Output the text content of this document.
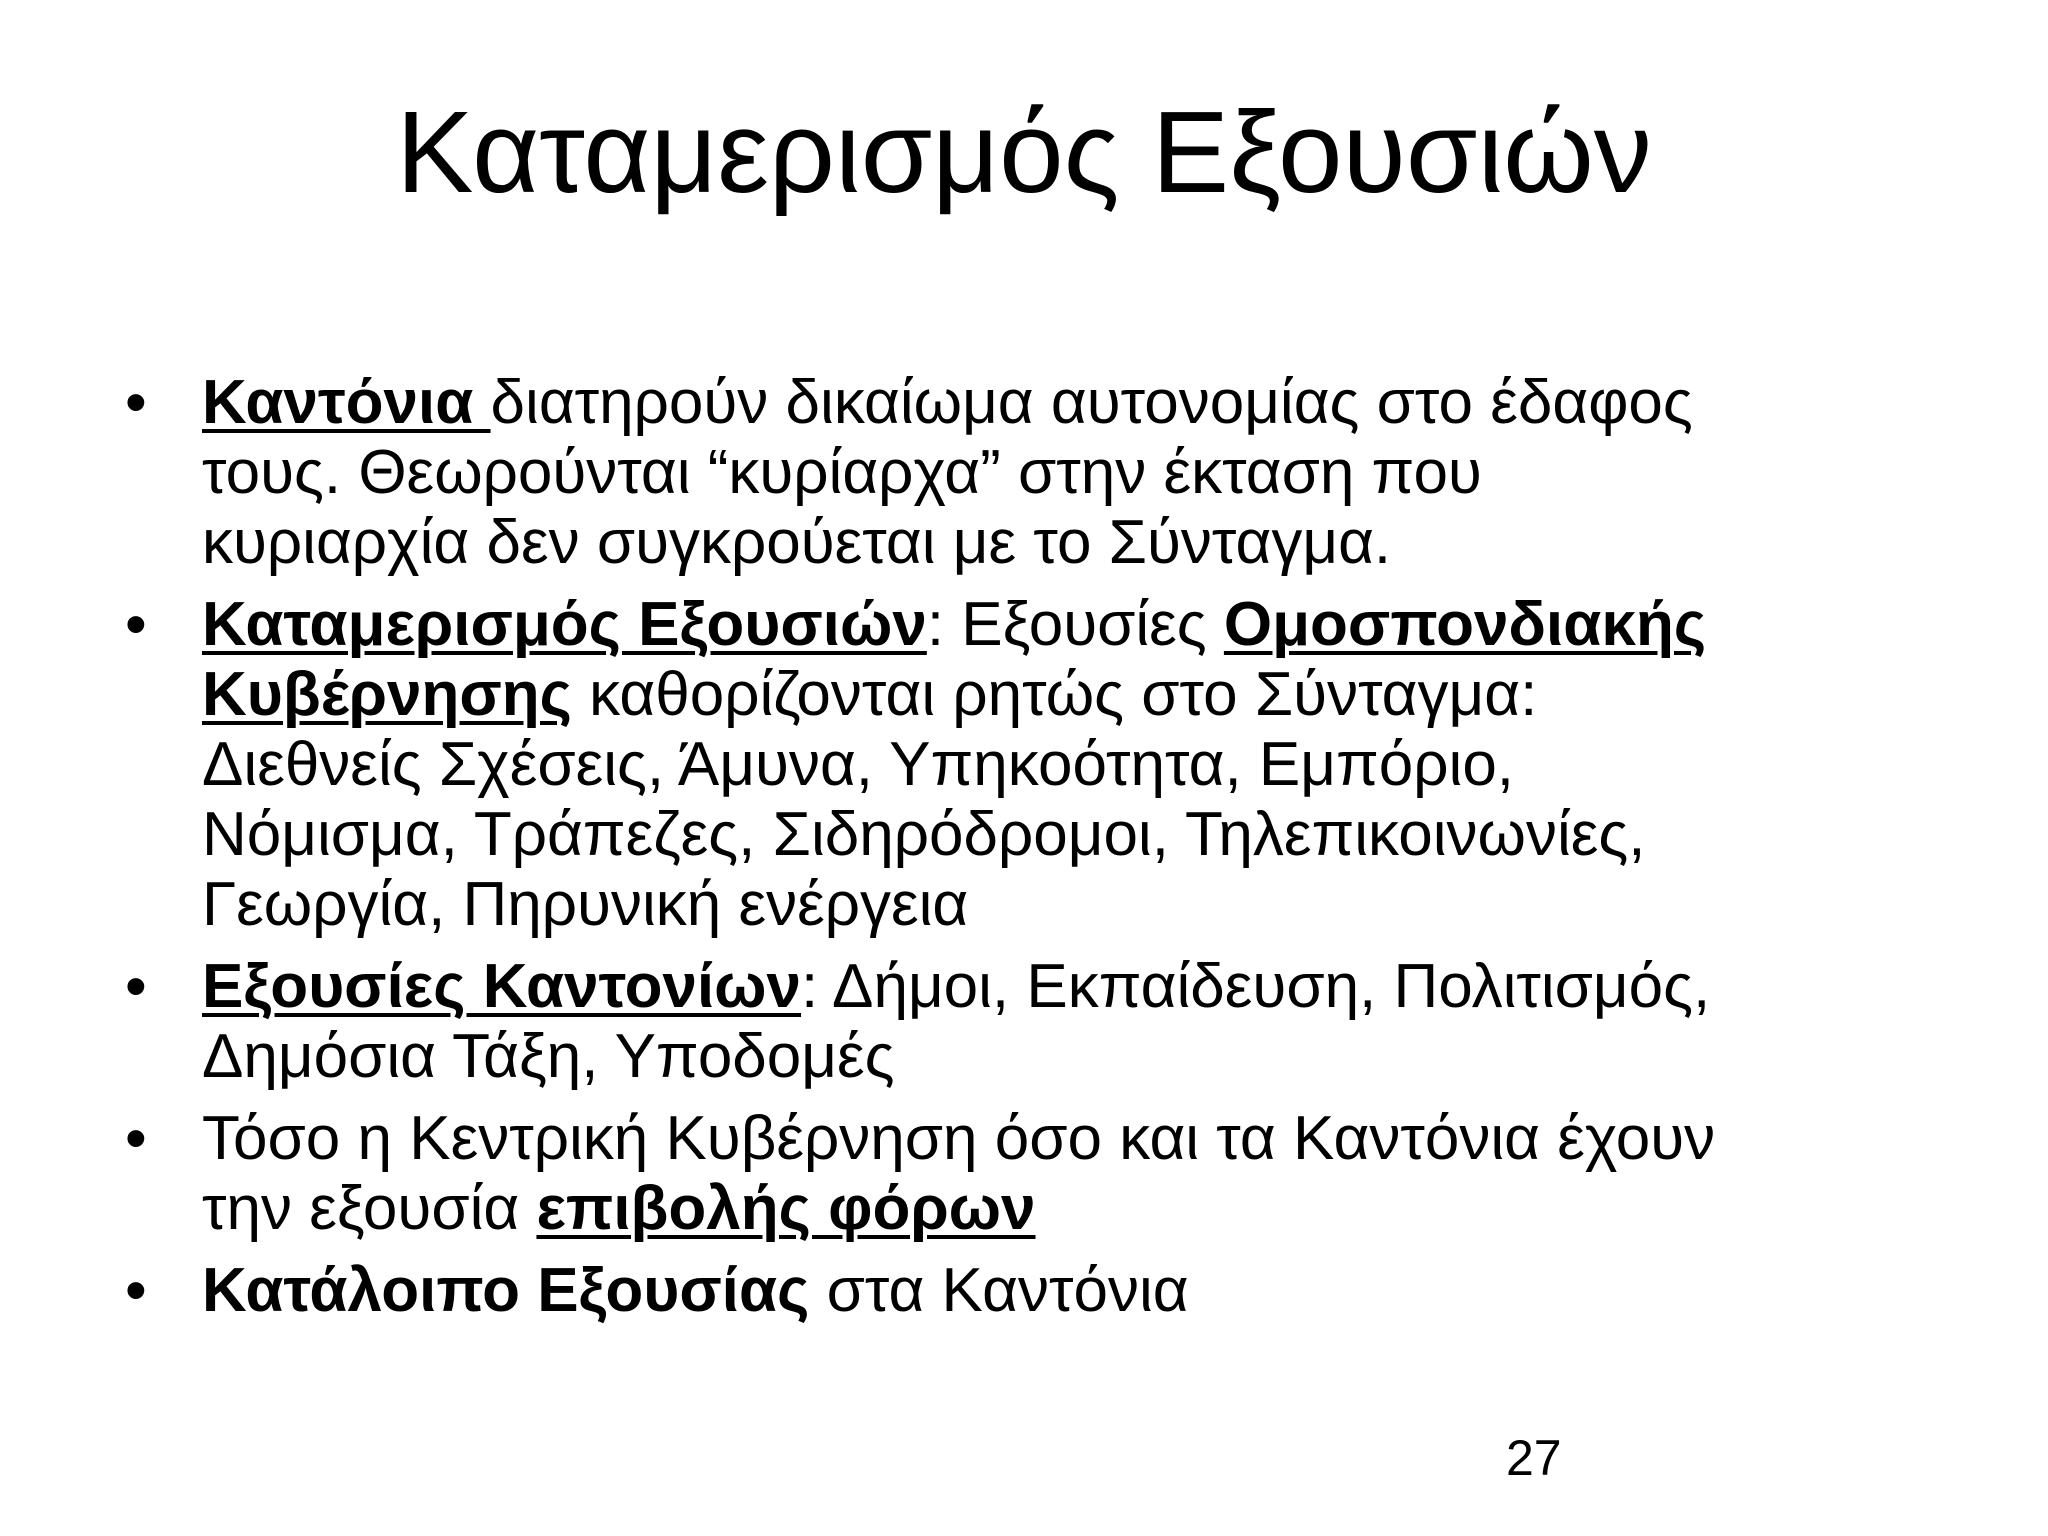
Καταμερισμός Εξουσιών
• Καντόνια διατηρούν δικαίωμα αυτονομίας στο έδαφος
τους. Θεωρούνται “κυρίαρχα” στην έκταση που
κυριαρχία δεν συγκρούεται με το Σύνταγμα.
• Καταμερισμός Εξουσιών: Εξουσίες Ομοσπονδιακής
Κυβέρνησης καθορίζονται ρητώς στο Σύνταγμα:
Διεθνείς Σχέσεις, Άμυνα, Υπηκοότητα, Εμπόριο,
Νόμισμα, Τράπεζες, Σιδηρόδρομοι, Τηλεπικοινωνίες,
Γεωργία, Πηρυνική ενέργεια
• Εξουσίες Καντονίων: Δήμοι, Εκπαίδευση, Πολιτισμός,
Δημόσια Τάξη, Υποδομές
• Τόσο η Κεντρική Κυβέρνηση όσο και τα Καντόνια έχουν
την εξουσία επιβολής φόρων
• Κατάλοιπο Εξουσίας στα Καντόνια
27
